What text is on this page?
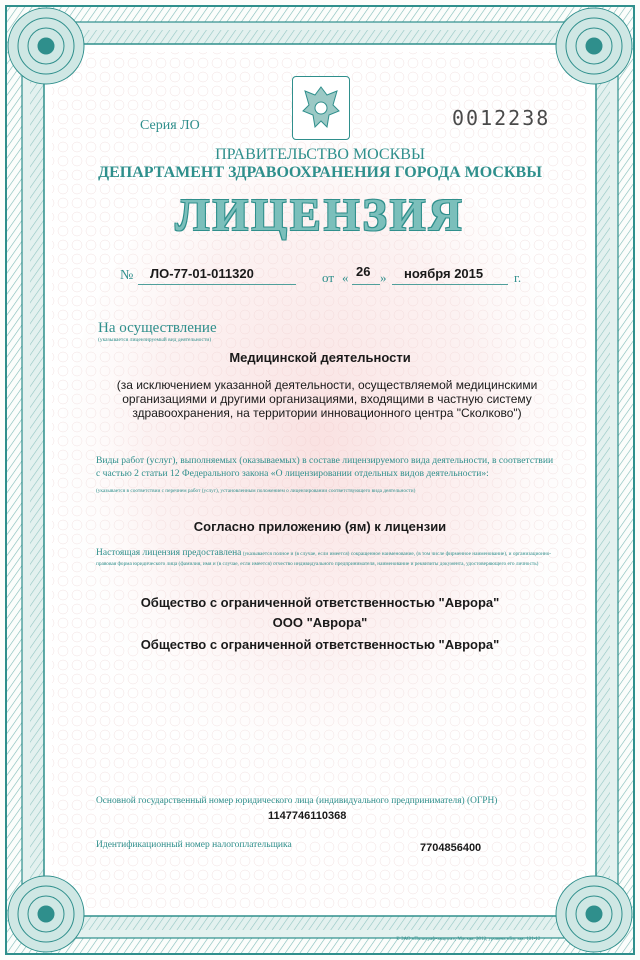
Серия ЛО	0012238
ПРАВИТЕЛЬСТВО МОСКВЫ
ДЕПАРТАМЕНТ ЗДРАВООХРАНЕНИЯ ГОРОДА МОСКВЫ
ЛИЦЕНЗИЯ
№ ЛО-77-01-011320	от « 26 » ноября 2015 г.
На осуществление
(указывается лицензируемый вид деятельности)
Медицинской деятельности
(за исключением указанной деятельности, осуществляемой медицинскими организациями и другими организациями, входящими в частную систему здравоохранения, на территории инновационного центра "Сколково")
Виды работ (услуг), выполняемых (оказываемых) в составе лицензируемого вида деятельности, в соответствии с частью 2 статьи 12 Федерального закона «О лицензировании отдельных видов деятельности»:
(указывается в соответствии с перечнем работ (услуг), установленным положением о лицензировании соответствующего вида деятельности)
Согласно приложению (ям) к лицензии
Настоящая лицензия предоставлена (указывается полное и (в случае, если имеется) сокращенное наименование, (в том числе фирменное наименование), и организационно-правовая форма юридического лица (фамилия, имя и (в случае, если имеется) отчество индивидуального предпринимателя, наименование и реквизиты документа, удостоверяющего его личность)
Общество с ограниченной ответственностью "Аврора"
ООО "Аврора"
Общество с ограниченной ответственностью "Аврора"
Основной государственный номер юридического лица (индивидуального предпринимателя) (ОГРН)
1147746110368
Идентификационный номер налогоплательщика	7704856400
© ЗАО «Полиграф-защита», Москва, 2012, уровень «Б», зак. 131-12
